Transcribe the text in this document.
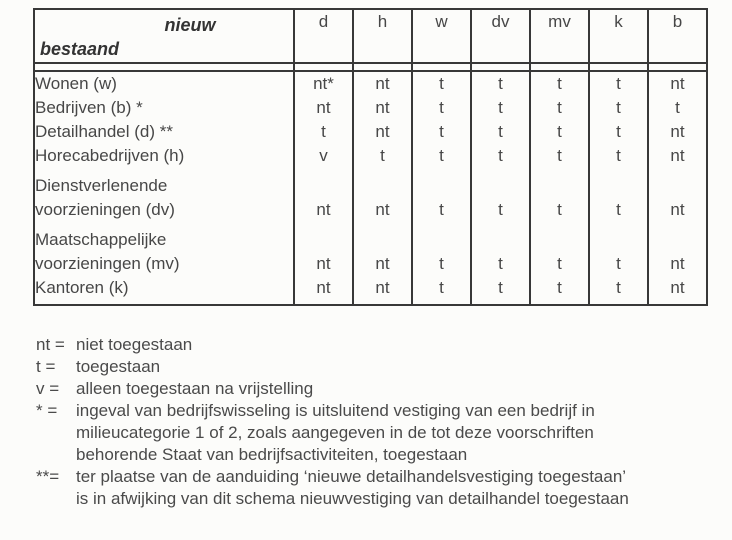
nieuw
bestaand	d	h	w	dv	mv	k	b

Wonen (w)	nt*	nt	t	t	t	t	nt

Bedrijven (b) *	nt	nt	t	t	t	t	t

Detailhandel (d) **	t	nt	t	t	t	t	nt

Horecabedrijven (h)	v	t	t	t	t	t	nt

Dienstverlenende
voorzieningen (dv)	nt	nt	t	t	t	t	nt

Maatschappelijke
voorzieningen (mv)	nt	nt	t	t	t	t	nt

Kantoren (k)	nt	nt	t	t	t	t	nt
nt = niet toegestaan
t =	toegestaan
v = alleen toegestaan na vrijstelling
* =	ingeval van bedrijfswisseling is uitsluitend vestiging van een bedrijf in
milieucategorie 1 of 2, zoals aangegeven in de tot deze voorschriften
behorende Staat van bedrijfsactiviteiten, toegestaan
**= ter plaatse van de aanduiding ‘nieuwe detailhandelsvestiging toegestaan’
is in afwijking van dit schema nieuwvestiging van detailhandel toegestaan
